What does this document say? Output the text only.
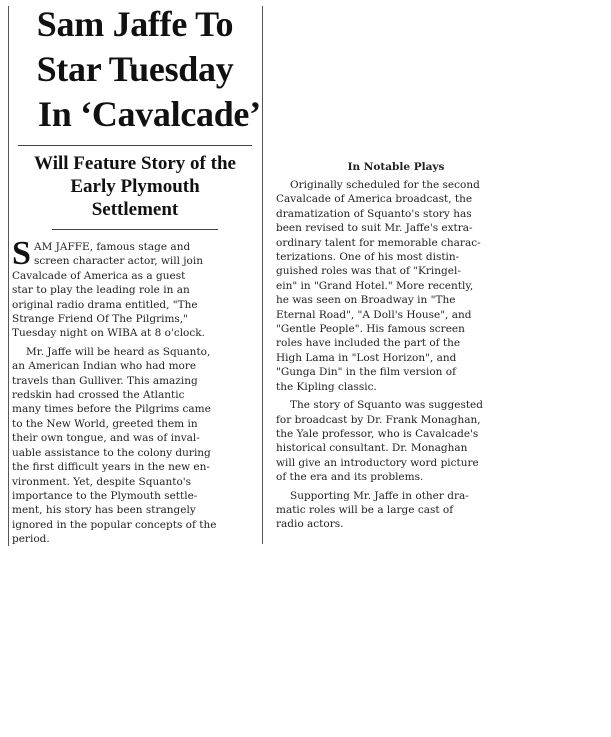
Sam Jaffe To
Star Tuesday
In ‘Cavalcade’
Will Feature Story of the
Early Plymouth
Settlement
S AM JAFFE, famous stage and
screen character actor, will join
Cavalcade of America as a guest
star to play the leading role in an
original radio drama entitled, "The
Strange Friend Of The Pilgrims,"
Tuesday night on WIBA at 8 o'clock.
Mr. Jaffe will be heard as Squanto,
an American Indian who had more
travels than Gulliver. This amazing
redskin had crossed the Atlantic
many times before the Pilgrims came
to the New World, greeted them in
their own tongue, and was of inval-
uable assistance to the colony during
the first difficult years in the new en-
vironment. Yet, despite Squanto's
importance to the Plymouth settle-
ment, his story has been strangely
ignored in the popular concepts of the
period.
In Notable Plays
Originally scheduled for the second
Cavalcade of America broadcast, the
dramatization of Squanto's story has
been revised to suit Mr. Jaffe's extra-
ordinary talent for memorable charac-
terizations. One of his most distin-
guished roles was that of "Kringel-
ein" in "Grand Hotel." More recently,
he was seen on Broadway in "The
Eternal Road", "A Doll's House", and
"Gentle People". His famous screen
roles have included the part of the
High Lama in "Lost Horizon", and
"Gunga Din" in the film version of
the Kipling classic.
The story of Squanto was suggested
for broadcast by Dr. Frank Monaghan,
the Yale professor, who is Cavalcade's
historical consultant. Dr. Monaghan
will give an introductory word picture
of the era and its problems.
Supporting Mr. Jaffe in other dra-
matic roles will be a large cast of
radio actors.
